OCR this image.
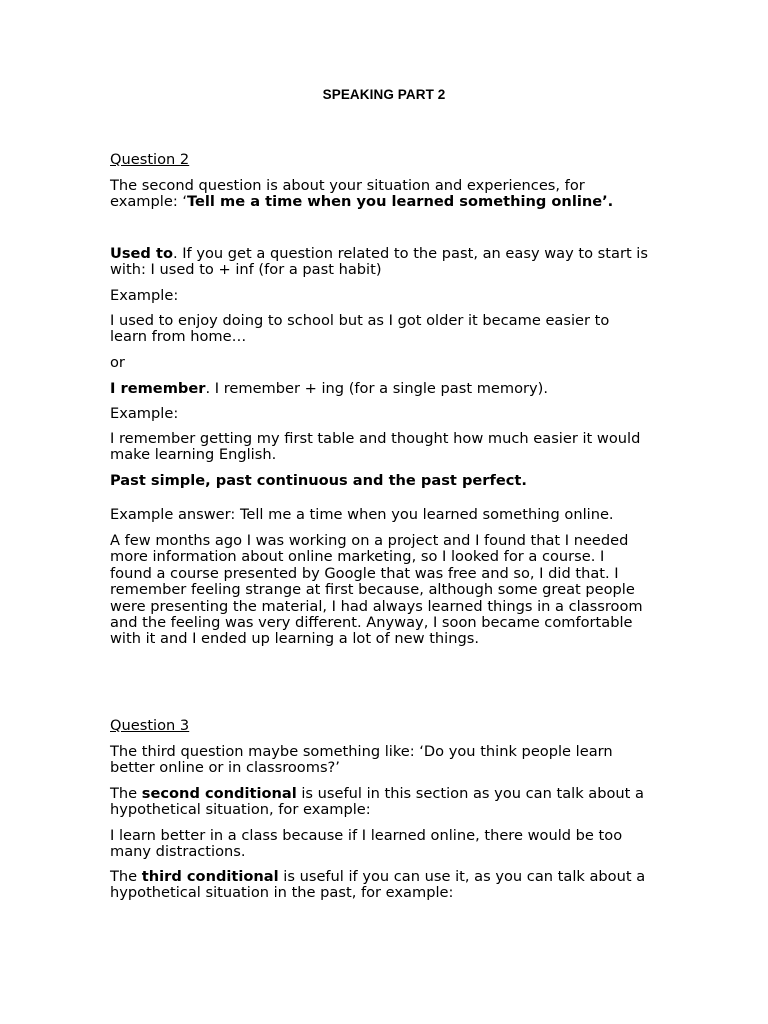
SPEAKING PART 2
Question 2

The second question is about your situation and experiences, for
example: ‘Tell me a time when you learned something online’.

Used to. If you get a question related to the past, an easy way to start is
with: I used to + inf (for a past habit)

Example:

I used to enjoy doing to school but as I got older it became easier to
learn from home…

or

I remember. I remember + ing (for a single past memory).

Example:

I remember getting my first table and thought how much easier it would
make learning English.

Past simple, past continuous and the past perfect.
Example answer: Tell me a time when you learned something online.

A few months ago I was working on a project and I found that I needed
more information about online marketing, so I looked for a course. I
found a course presented by Google that was free and so, I did that. I
remember feeling strange at first because, although some great people
were presenting the material, I had always learned things in a classroom
and the feeling was very different. Anyway, I soon became comfortable
with it and I ended up learning a lot of new things.

Question 3

The third question maybe something like: ‘Do you think people learn
better online or in classrooms?’

The second conditional is useful in this section as you can talk about a
hypothetical situation, for example:

I learn better in a class because if I learned online, there would be too
many distractions.

The third conditional is useful if you can use it, as you can talk about a
hypothetical situation in the past, for example:
